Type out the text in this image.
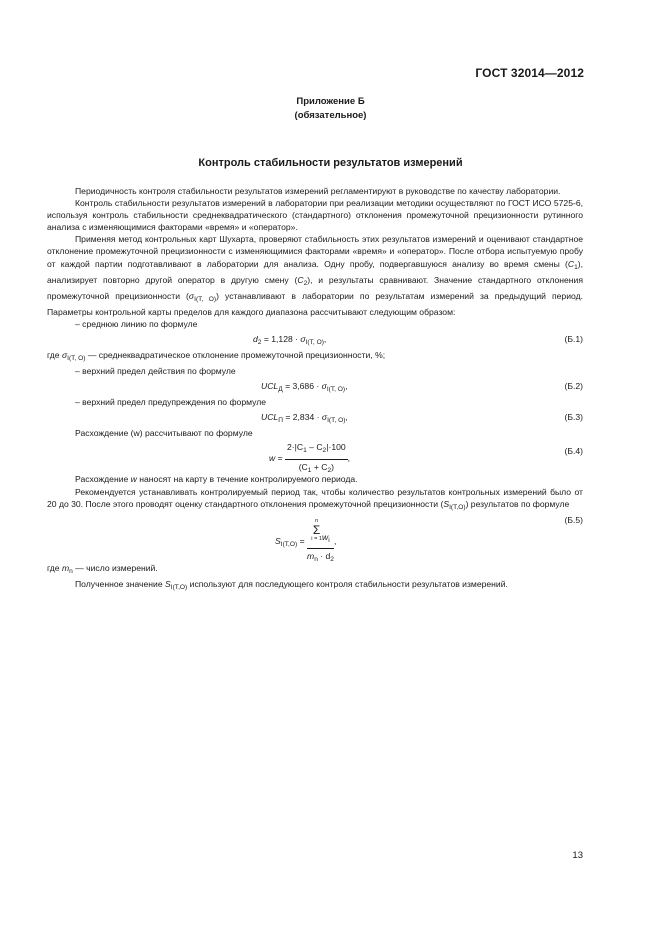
ГОСТ 32014—2012
Приложение Б
(обязательное)
Контроль стабильности результатов измерений

Периодичность контроля стабильности результатов измерений регламентируют в руководстве по качеству лаборатории.

Контроль стабильности результатов измерений в лаборатории при реализации методики осуществляют по ГОСТ ИСО 5725-6, используя контроль стабильности среднеквадратического (стандартного) отклонения промежуточной прецизионности рутинного анализа с изменяющимися факторами «время» и «оператор».

Применяя метод контрольных карт Шухарта, проверяют стабильность этих результатов измерений и оценивают стандартное отклонение промежуточной прецизионности с изменяющимися факторами «время» и «оператор». После отбора испытуемую пробу от каждой партии подготавливают в лаборатории для анализа. Одну пробу, подвергавшуюся анализу во время смены $(C_1)$, анализирует повторно другой оператор в другую смену $(C_2)$, и результаты сравнивают. Значение стандартного отклонения промежуточной прецизионности $(\sigma_{I(T, O)})$ устанавливают в лаборатории по результатам измерений за предыдущий период. Параметры контрольной карты пределов для каждого диапазона рассчитывают следующим образом:

– среднюю линию по формуле

$d_2 = 1,128 \cdot \sigma_{I(T, O)}$,	(Б.1)

где $\sigma_{I(T, O)}$ — среднеквадратическое отклонение промежуточной прецизионности, %;

– верхний предел действия по формуле

$UCL_Д = 3,686 \cdot \sigma_{I(T, O)}$,	(Б.2)

– верхний предел предупреждения по формуле

$UCL_П = 2,834 \cdot \sigma_{I(T, O)}$,	(Б.3)

Расхождение (w) рассчитывают по формуле

$w = \frac{2\cdot|C_1 - C_2|\cdot 100}{(C_1 + C_2)}$ ,
(Б.4)

Расхождение w наносят на карту в течение контролируемого периода.

Рекомендуется устанавливать контролируемый период так, чтобы количество результатов контрольных измерений было от 20 до 30. После этого проводят оценку стандартного отклонения промежуточной прецизионности $(S_{I(T,O)})$ результатов по формуле

$S_{I(T,O)} = n$
Σ
i = 1 $w_i$
$m_n \cdot d_2$ ,
(Б.5)

где $m_n$ — число измерений.

Полученное значение $S_{I(T,O)}$ используют для последующего контроля стабильности результатов измерений.

13
